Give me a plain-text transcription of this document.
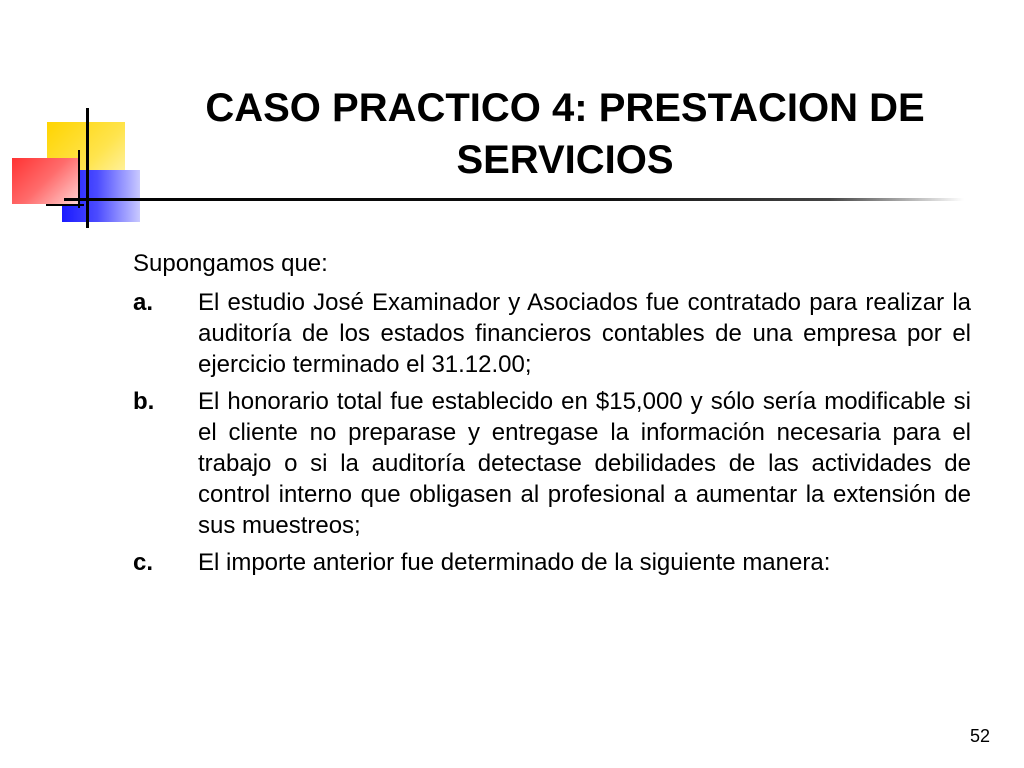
CASO PRACTICO 4: PRESTACION DE SERVICIOS

Supongamos que:

a.	El estudio José Examinador y Asociados fue contratado para realizar la auditoría de los estados financieros contables de una empresa por el ejercicio terminado el 31.12.00;
b.	El honorario total fue establecido en $15,000 y sólo sería modificable si el cliente no preparase y entregase la información necesaria para el trabajo o si la auditoría detectase debilidades de las actividades de control interno que obligasen al profesional a aumentar la extensión de sus muestreos;
c.	El importe anterior fue determinado de la siguiente manera:
52
